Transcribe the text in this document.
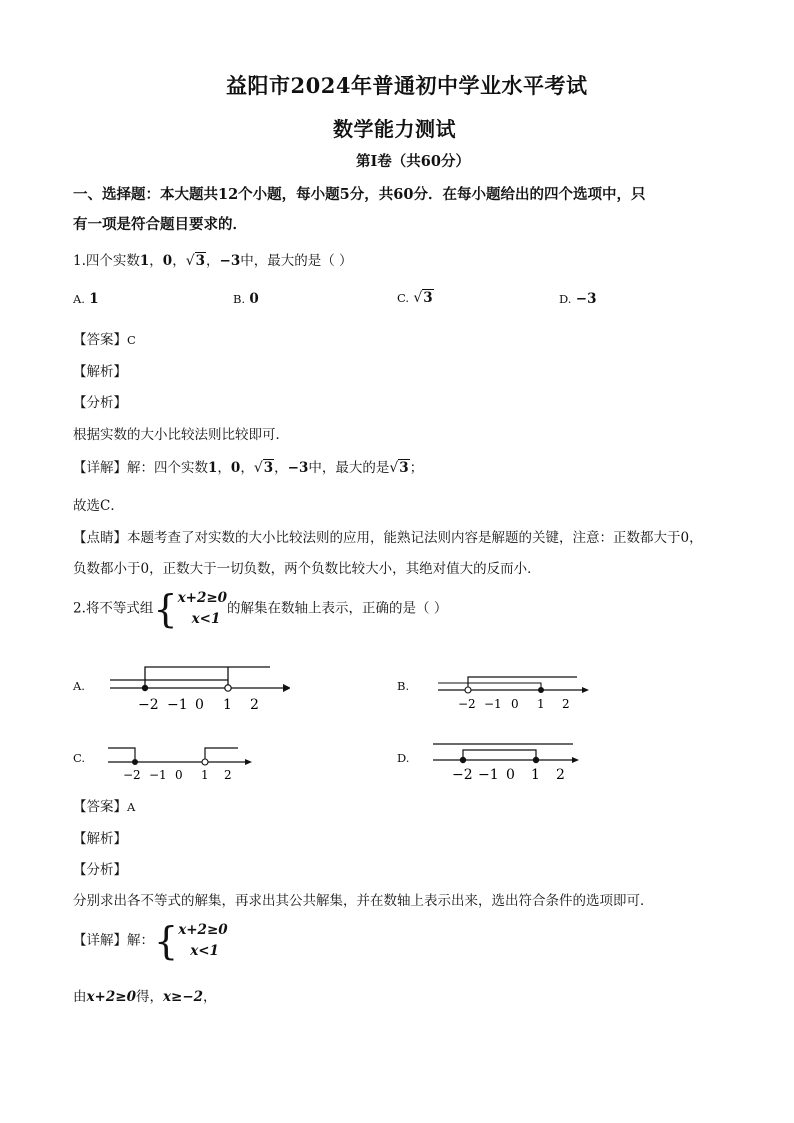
益阳市2024年普通初中学业水平考试
数学能力测试
第Ⅰ卷（共60分）
一、选择题：本大题共12个小题，每小题5分，共60分．在每小题给出的四个选项中，只
有一项是符合题目要求的．
1.四个实数1，0，√3，−3中，最大的是（ ）
A. 1	B. 0	C. √3	D. −3
【答案】C
【解析】
【分析】
根据实数的大小比较法则比较即可．
【详解】解：四个实数1，0，√3，−3中，最大的是√3；
故选C．
【点睛】本题考查了对实数的大小比较法则的应用，能熟记法则内容是解题的关键，注意：正数都大于0，
负数都小于0，正数大于一切负数，两个负数比较大小，其绝对值大的反而小．
2.将不等式组{x+2≥0
x<1的解集在数轴上表示，正确的是（ ）
A.
−2 −1 0 1 2
B.
−2 −1 0 1 2
C.
−2 −1 0 1 2
D.
−2 −1 0 1 2
【答案】A
【解析】
【分析】
分别求出各不等式的解集，再求出其公共解集，并在数轴上表示出来，选出符合条件的选项即可．
【详解】解：{x+2≥0
x<1
由x+2≥0得，x≥−2，
